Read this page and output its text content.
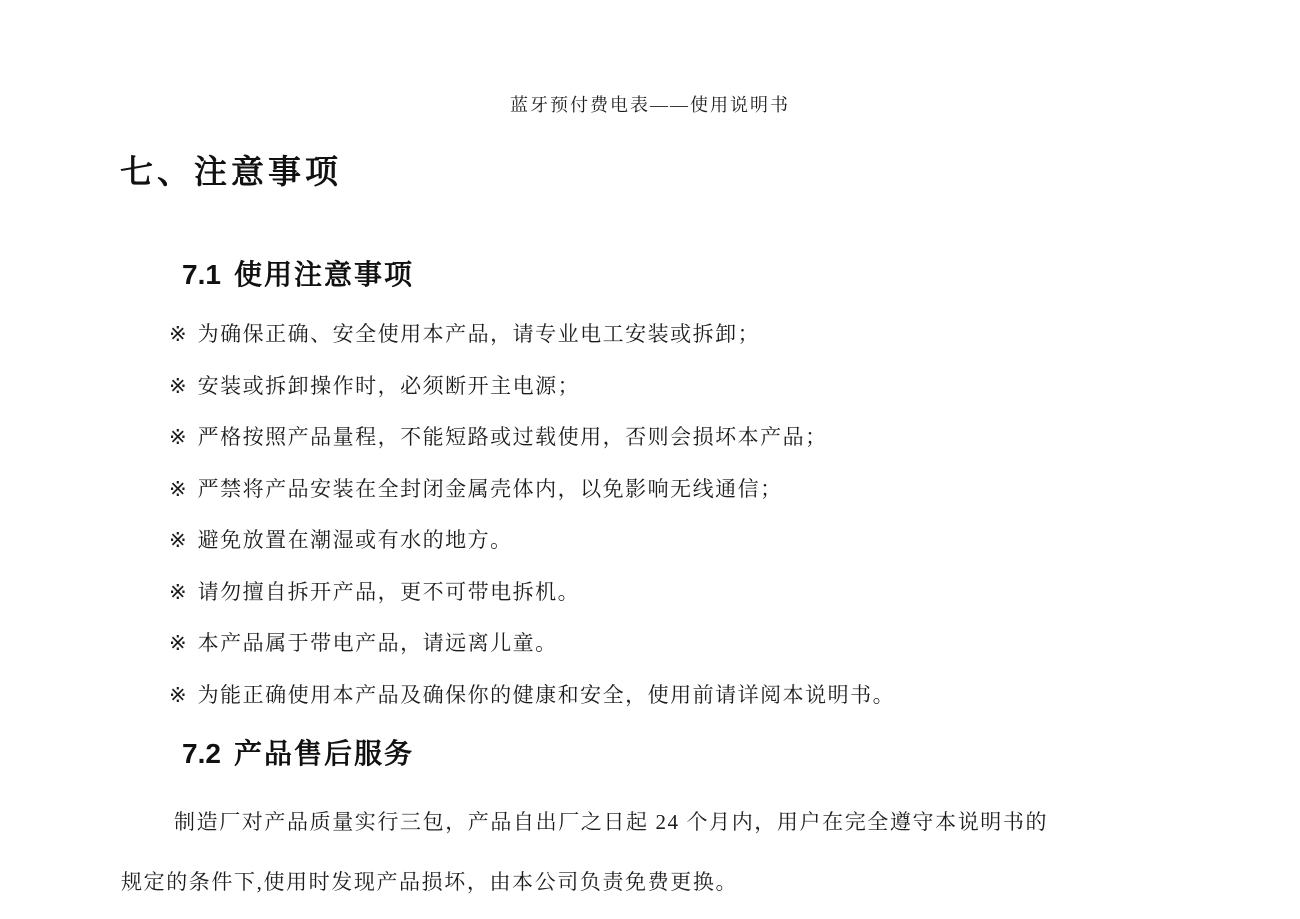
蓝牙预付费电表——使用说明书
七、注意事项
7.1 使用注意事项
※ 为确保正确、安全使用本产品，请专业电工安装或拆卸；
※ 安装或拆卸操作时，必须断开主电源；
※ 严格按照产品量程，不能短路或过载使用，否则会损坏本产品；
※ 严禁将产品安装在全封闭金属壳体内，以免影响无线通信；
※ 避免放置在潮湿或有水的地方。
※ 请勿擅自拆开产品，更不可带电拆机。
※ 本产品属于带电产品，请远离儿童。
※ 为能正确使用本产品及确保你的健康和安全，使用前请详阅本说明书。
7.2 产品售后服务
制造厂对产品质量实行三包，产品自出厂之日起 24 个月内，用户在完全遵守本说明书的
规定的条件下,使用时发现产品损坏，由本公司负责免费更换。
